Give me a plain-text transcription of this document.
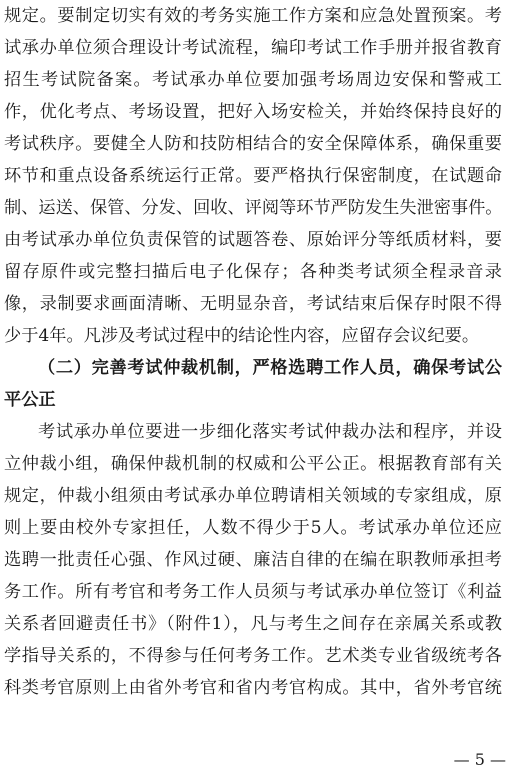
规定。要制定切实有效的考务实施工作方案和应急处置预案。考
试承办单位须合理设计考试流程，编印考试工作手册并报省教育
招生考试院备案。考试承办单位要加强考场周边安保和警戒工
作，优化考点、考场设置，把好入场安检关，并始终保持良好的
考试秩序。要健全人防和技防相结合的安全保障体系，确保重要
环节和重点设备系统运行正常。要严格执行保密制度，在试题命
制、运送、保管、分发、回收、评阅等环节严防发生失泄密事件。
由考试承办单位负责保管的试题答卷、原始评分等纸质材料，要
留存原件或完整扫描后电子化保存；各种类考试须全程录音录
像，录制要求画面清晰、无明显杂音，考试结束后保存时限不得
少于4年。凡涉及考试过程中的结论性内容，应留存会议纪要。
（二）完善考试仲裁机制，严格选聘工作人员，确保考试公
平公正
考试承办单位要进一步细化落实考试仲裁办法和程序，并设
立仲裁小组，确保仲裁机制的权威和公平公正。根据教育部有关
规定，仲裁小组须由考试承办单位聘请相关领域的专家组成，原
则上要由校外专家担任，人数不得少于5人。考试承办单位还应
选聘一批责任心强、作风过硬、廉洁自律的在编在职教师承担考
务工作。所有考官和考务工作人员须与考试承办单位签订《利益
关系者回避责任书》（附件1），凡与考生之间存在亲属关系或教
学指导关系的，不得参与任何考务工作。艺术类专业省级统考各
科类考官原则上由省外考官和省内考官构成。其中，省外考官统
— 5 —
